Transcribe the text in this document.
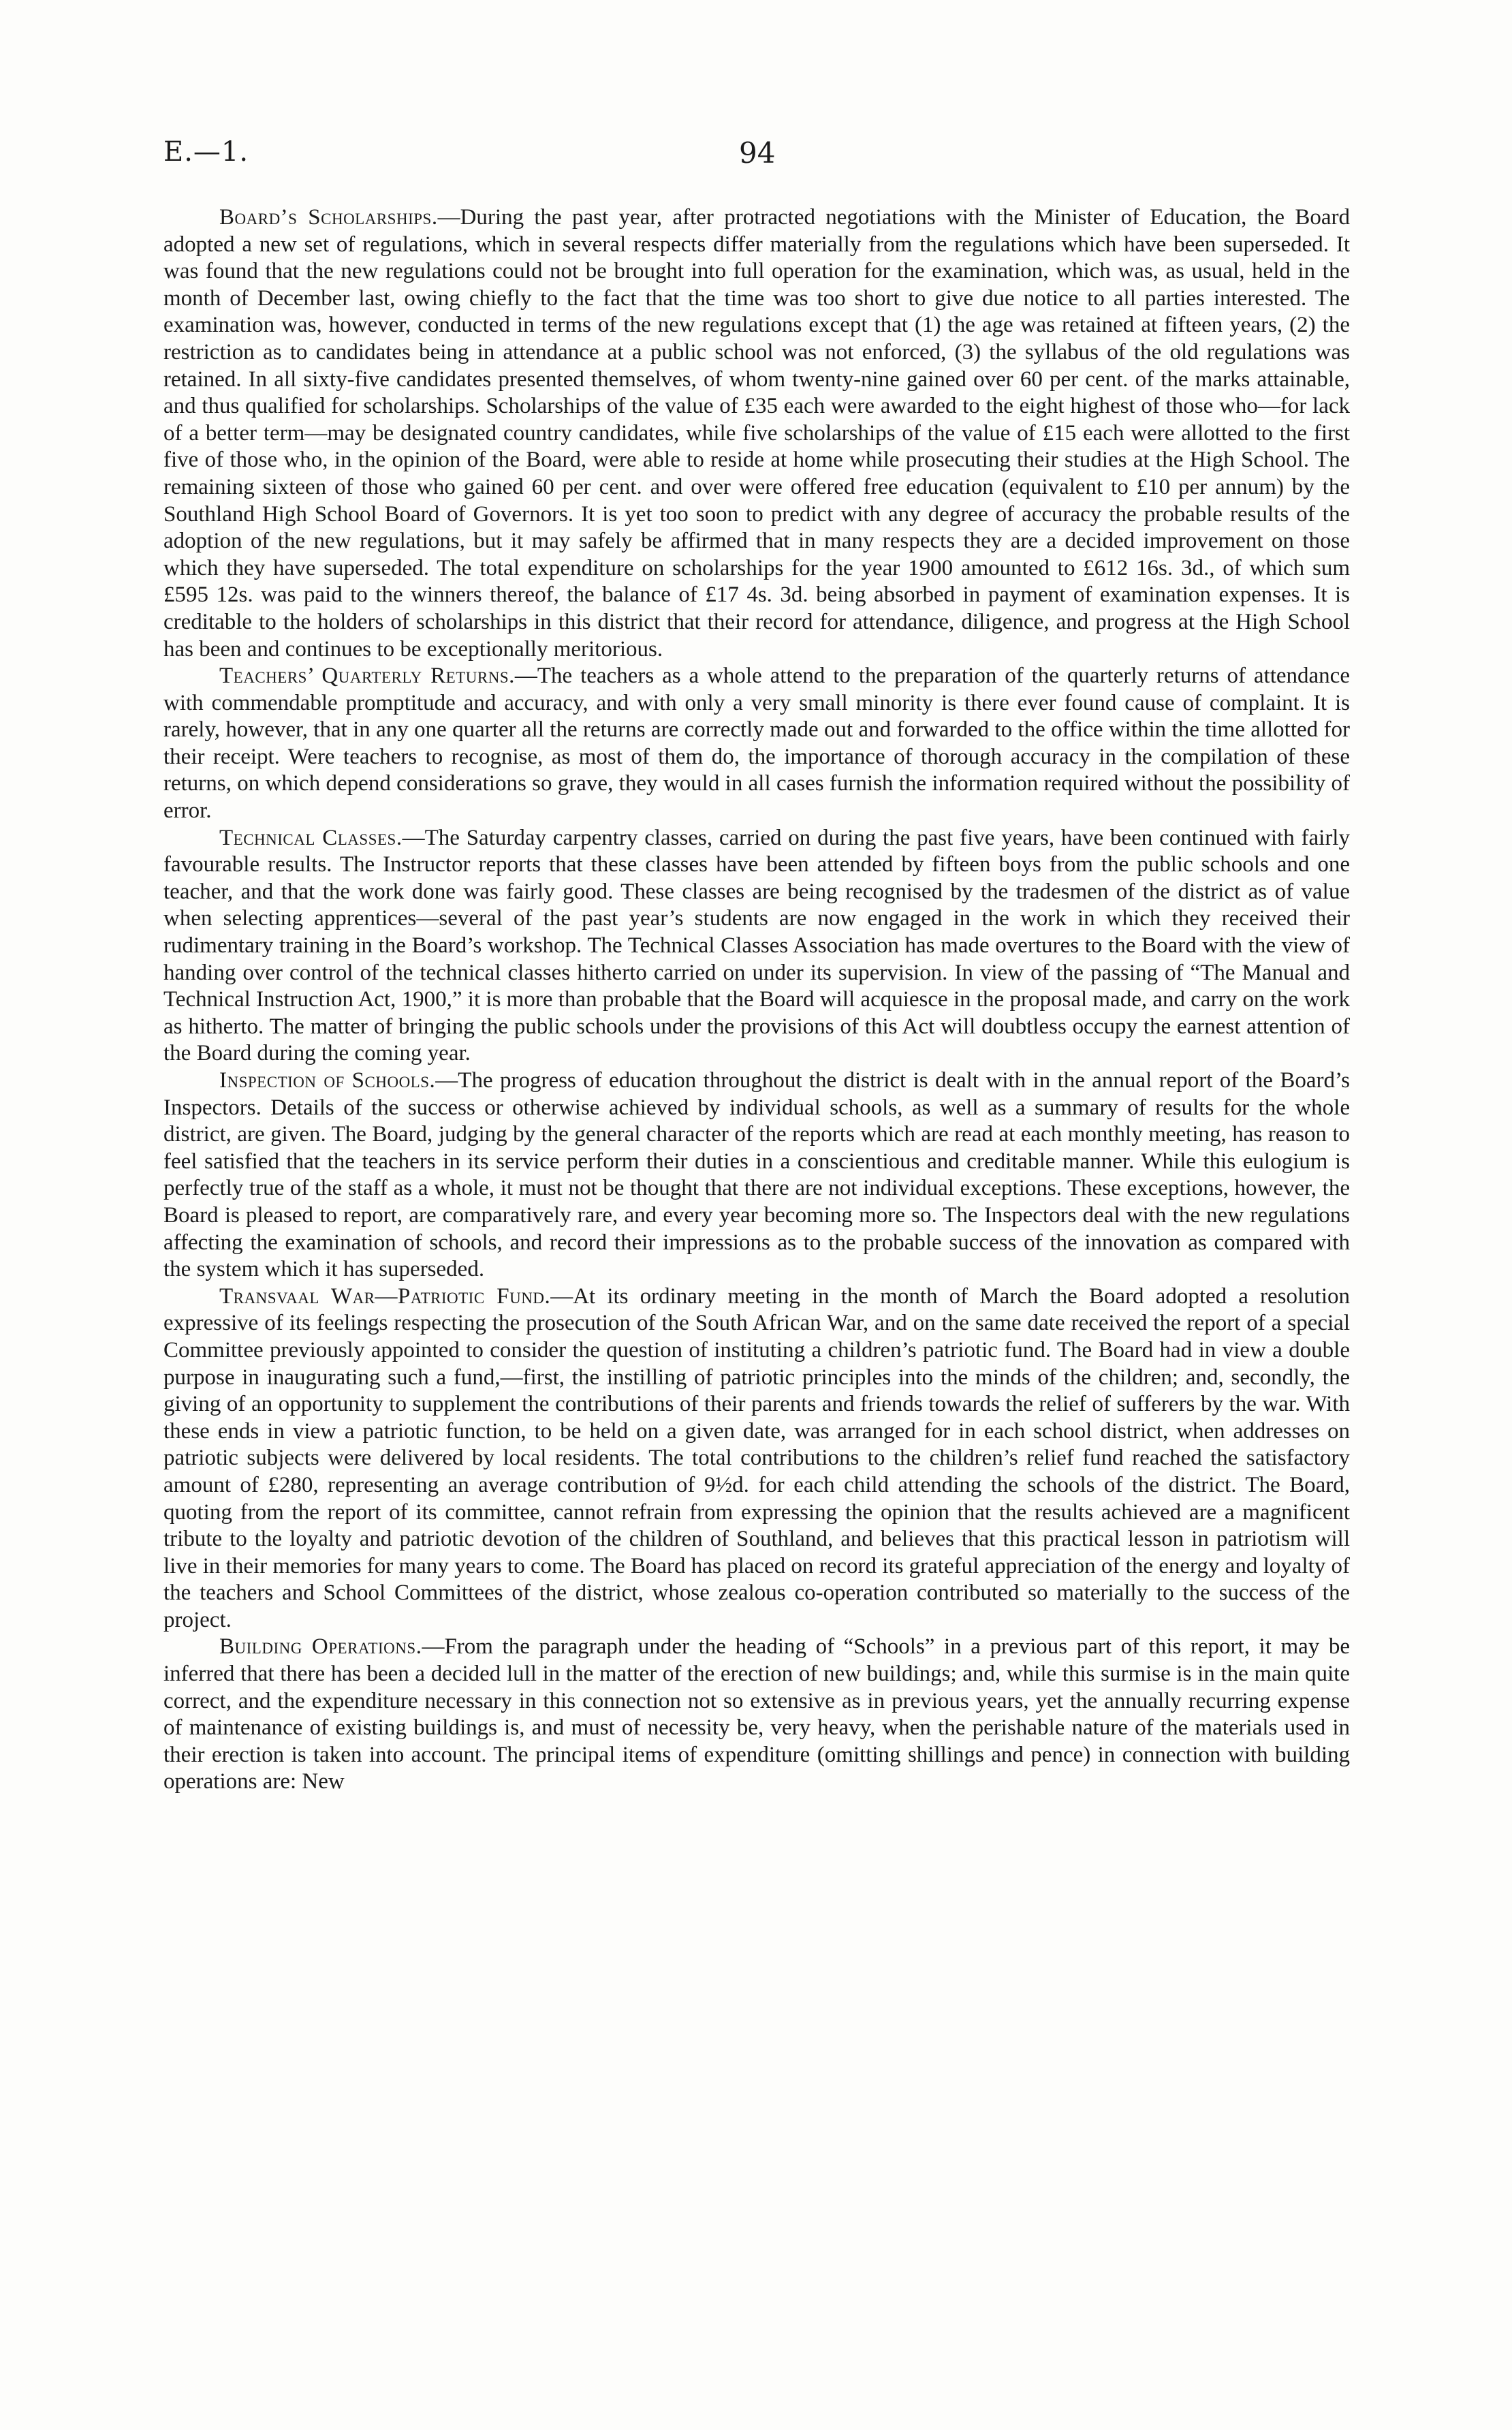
E.—1.	94

Board’s Scholarships.—During the past year, after protracted negotiations with the Minister of Education, the Board adopted a new set of regulations, which in several respects differ materially from the regulations which have been superseded. It was found that the new regulations could not be brought into full operation for the examination, which was, as usual, held in the month of December last, owing chiefly to the fact that the time was too short to give due notice to all parties interested. The examination was, however, conducted in terms of the new regulations except that (1) the age was retained at fifteen years, (2) the restriction as to candidates being in attendance at a public school was not enforced, (3) the syllabus of the old regulations was retained. In all sixty-five candidates presented themselves, of whom twenty-nine gained over 60 per cent. of the marks attainable, and thus qualified for scholarships. Scholarships of the value of £35 each were awarded to the eight highest of those who—for lack of a better term—may be designated country candidates, while five scholarships of the value of £15 each were allotted to the first five of those who, in the opinion of the Board, were able to reside at home while prosecuting their studies at the High School. The remaining sixteen of those who gained 60 per cent. and over were offered free education (equivalent to £10 per annum) by the Southland High School Board of Governors. It is yet too soon to predict with any degree of accuracy the probable results of the adoption of the new regulations, but it may safely be affirmed that in many respects they are a decided improvement on those which they have superseded. The total expenditure on scholarships for the year 1900 amounted to £612 16s. 3d., of which sum £595 12s. was paid to the winners thereof, the balance of £17 4s. 3d. being absorbed in payment of examination expenses. It is creditable to the holders of scholarships in this district that their record for attendance, diligence, and progress at the High School has been and continues to be exceptionally meritorious.

Teachers’ Quarterly Returns.—The teachers as a whole attend to the preparation of the quarterly returns of attendance with commendable promptitude and accuracy, and with only a very small minority is there ever found cause of complaint. It is rarely, however, that in any one quarter all the returns are correctly made out and forwarded to the office within the time allotted for their receipt. Were teachers to recognise, as most of them do, the importance of thorough accuracy in the compilation of these returns, on which depend considerations so grave, they would in all cases furnish the information required without the possibility of error.

Technical Classes.—The Saturday carpentry classes, carried on during the past five years, have been continued with fairly favourable results. The Instructor reports that these classes have been attended by fifteen boys from the public schools and one teacher, and that the work done was fairly good. These classes are being recognised by the tradesmen of the district as of value when selecting apprentices—several of the past year’s students are now engaged in the work in which they received their rudimentary training in the Board’s workshop. The Technical Classes Association has made overtures to the Board with the view of handing over control of the technical classes hitherto carried on under its supervision. In view of the passing of “The Manual and Technical Instruction Act, 1900,” it is more than probable that the Board will acquiesce in the proposal made, and carry on the work as hitherto. The matter of bringing the public schools under the provisions of this Act will doubtless occupy the earnest attention of the Board during the coming year.

Inspection of Schools.—The progress of education throughout the district is dealt with in the annual report of the Board’s Inspectors. Details of the success or otherwise achieved by individual schools, as well as a summary of results for the whole district, are given. The Board, judging by the general character of the reports which are read at each monthly meeting, has reason to feel satisfied that the teachers in its service perform their duties in a conscientious and creditable manner. While this eulogium is perfectly true of the staff as a whole, it must not be thought that there are not individual exceptions. These exceptions, however, the Board is pleased to report, are comparatively rare, and every year becoming more so. The Inspectors deal with the new regulations affecting the examination of schools, and record their impressions as to the probable success of the innovation as compared with the system which it has superseded.

Transvaal War—Patriotic Fund.—At its ordinary meeting in the month of March the Board adopted a resolution expressive of its feelings respecting the prosecution of the South African War, and on the same date received the report of a special Committee previously appointed to consider the question of instituting a children’s patriotic fund. The Board had in view a double purpose in inaugurating such a fund,—first, the instilling of patriotic principles into the minds of the children; and, secondly, the giving of an opportunity to supplement the contributions of their parents and friends towards the relief of sufferers by the war. With these ends in view a patriotic function, to be held on a given date, was arranged for in each school district, when addresses on patriotic subjects were delivered by local residents. The total contributions to the children’s relief fund reached the satisfactory amount of £280, representing an average contribution of 9½d. for each child attending the schools of the district. The Board, quoting from the report of its committee, cannot refrain from expressing the opinion that the results achieved are a magnificent tribute to the loyalty and patriotic devotion of the children of Southland, and believes that this practical lesson in patriotism will live in their memories for many years to come. The Board has placed on record its grateful appreciation of the energy and loyalty of the teachers and School Committees of the district, whose zealous co-operation contributed so materially to the success of the project.

Building Operations.—From the paragraph under the heading of “Schools” in a previous part of this report, it may be inferred that there has been a decided lull in the matter of the erection of new buildings; and, while this surmise is in the main quite correct, and the expenditure necessary in this connection not so extensive as in previous years, yet the annually recurring expense of maintenance of existing buildings is, and must of necessity be, very heavy, when the perishable nature of the materials used in their erection is taken into account. The principal items of expenditure (omitting shillings and pence) in connection with building operations are: New
